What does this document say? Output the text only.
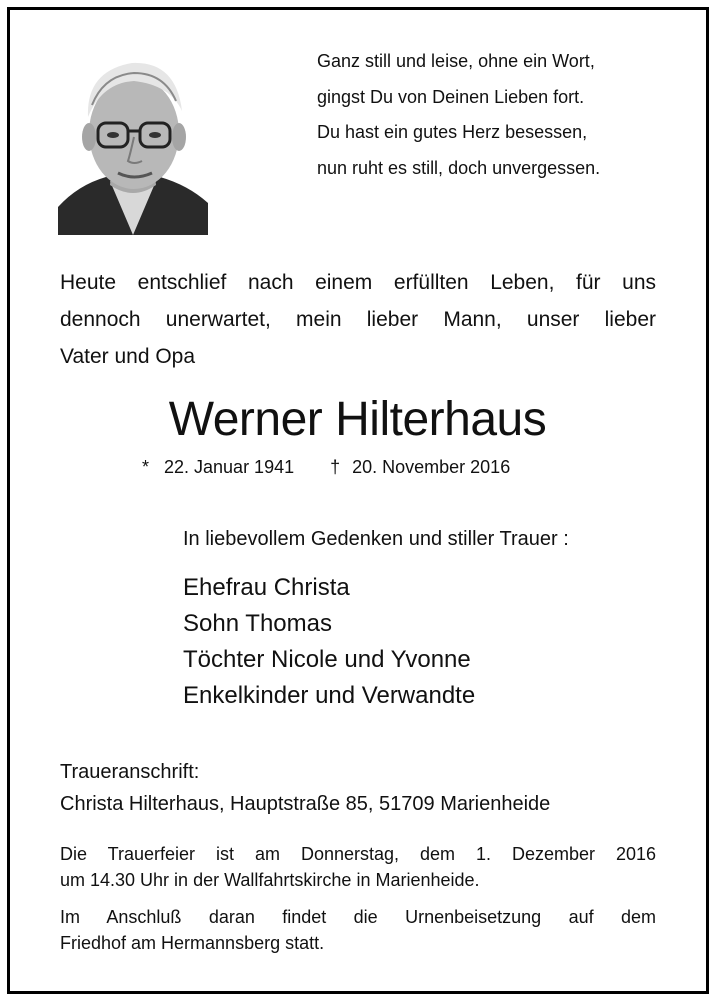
Ganz still und leise, ohne ein Wort,
gingst Du von Deinen Lieben fort.
Du hast ein gutes Herz besessen,
nun ruht es still, doch unvergessen.
Heute entschlief nach einem erfüllten Leben, für uns
dennoch unerwartet, mein lieber Mann, unser lieber
Vater und Opa
Werner Hilterhaus
* 22. Januar 1941 † 20. November 2016
In liebevollem Gedenken und stiller Trauer :
Ehefrau Christa
Sohn Thomas
Töchter Nicole und Yvonne
Enkelkinder und Verwandte
Traueranschrift:
Christa Hilterhaus, Hauptstraße 85, 51709 Marienheide
Die Trauerfeier ist am Donnerstag, dem 1. Dezember 2016
um 14.30 Uhr in der Wallfahrtskirche in Marienheide.
Im Anschluß daran findet die Urnenbeisetzung auf dem
Friedhof am Hermannsberg statt.
